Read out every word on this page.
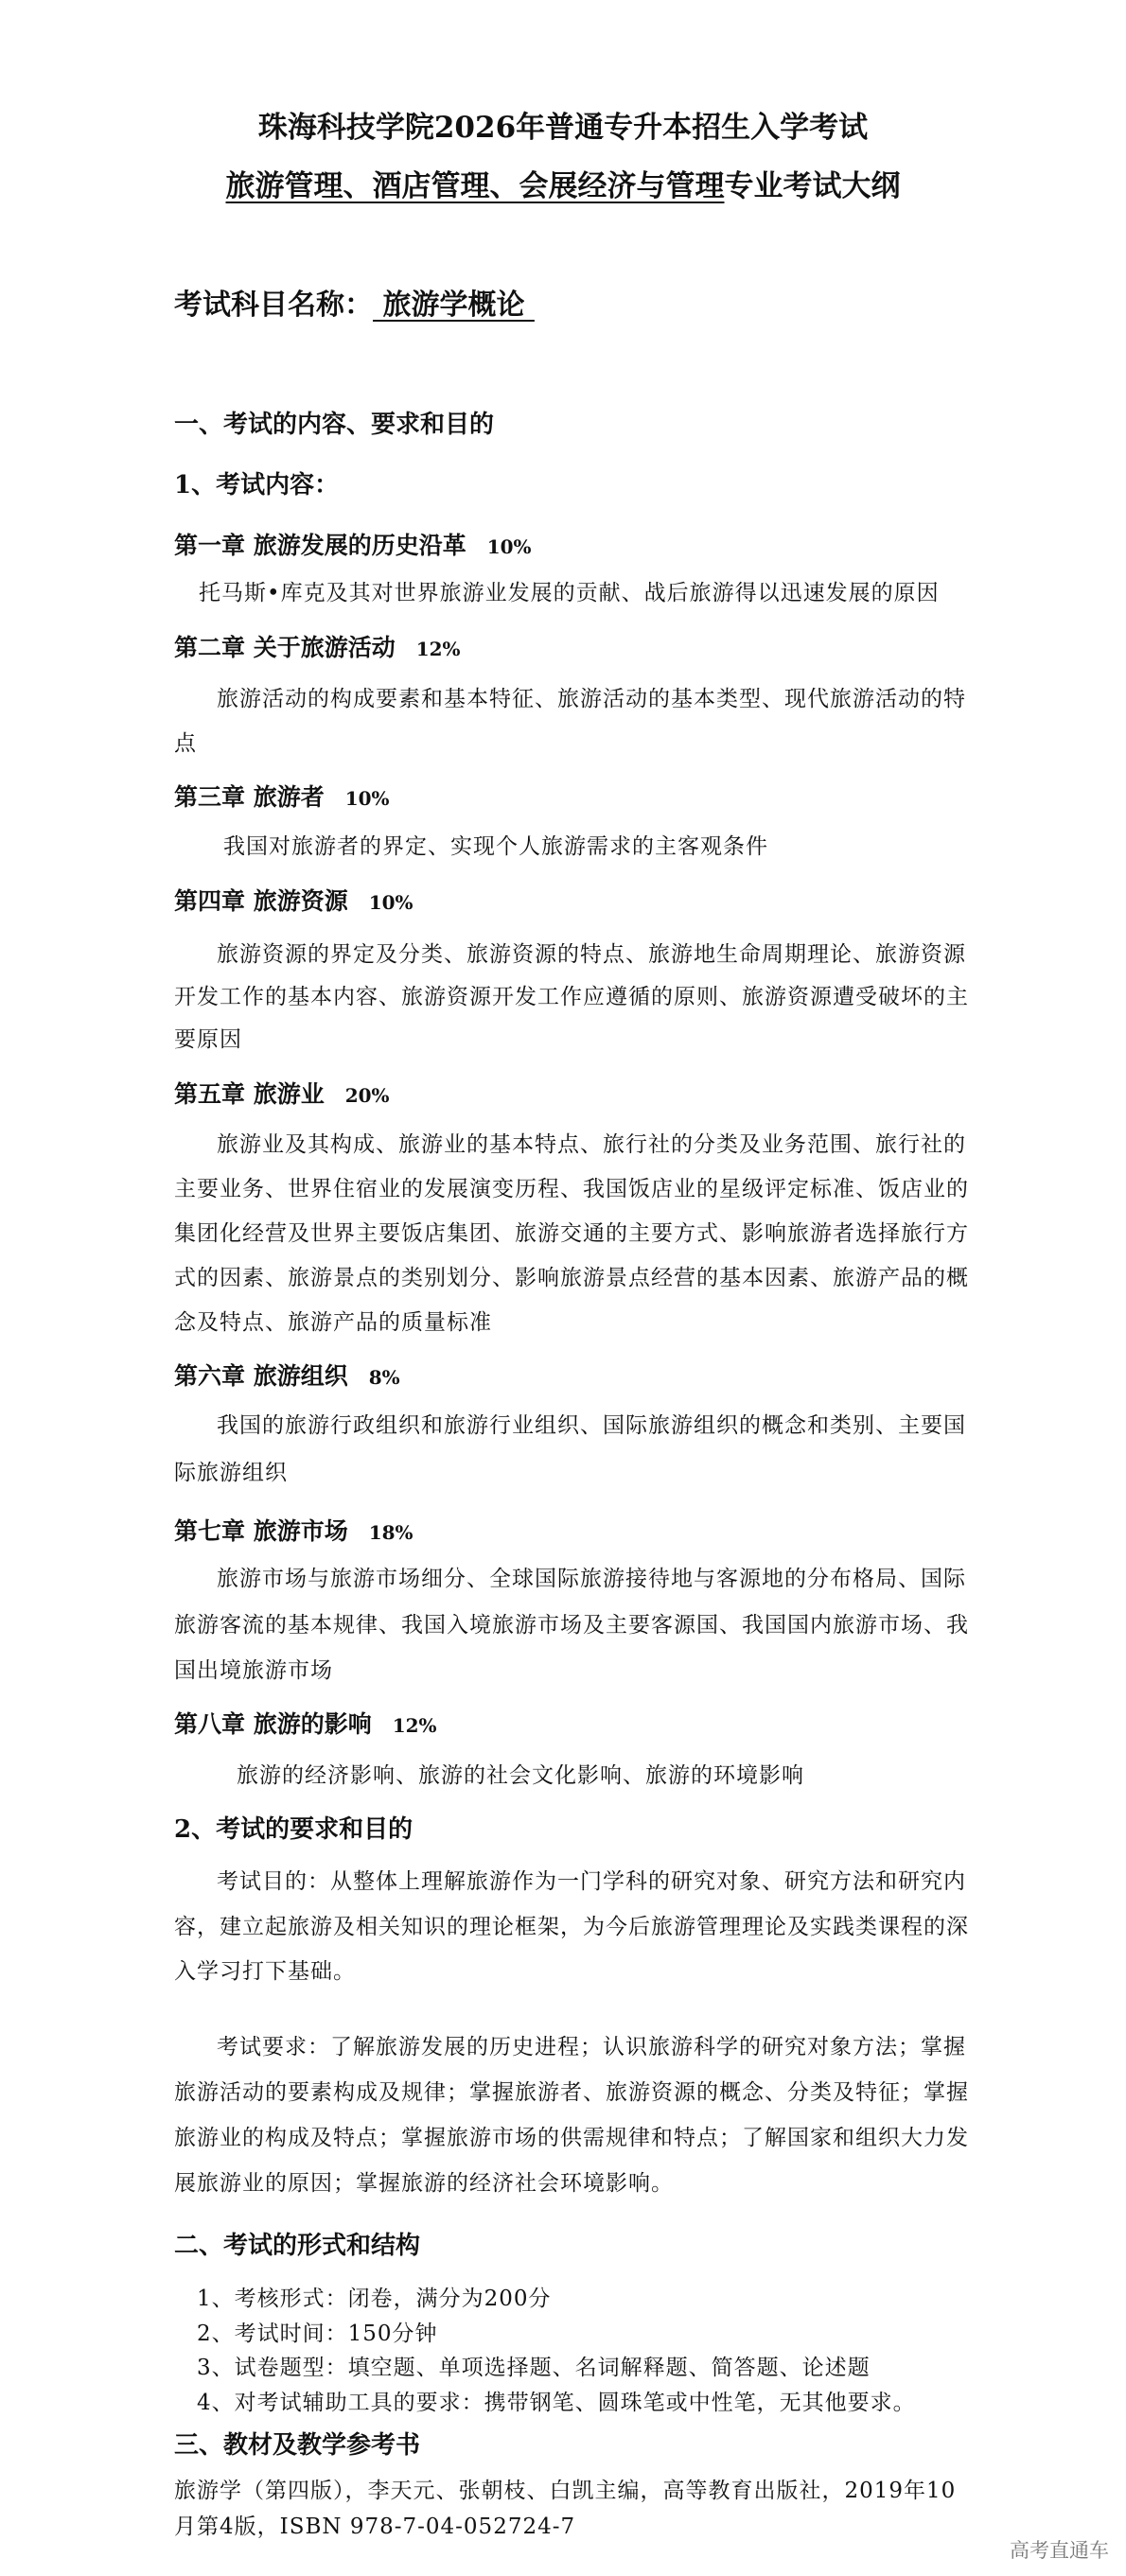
珠海科技学院2026年普通专升本招生入学考试
旅游管理、酒店管理、会展经济与管理专业考试大纲
考试科目名称： 旅游学概论
一、考试的内容、要求和目的
1、考试内容：
第一章 旅游发展的历史沿革 10%
托马斯•库克及其对世界旅游业发展的贡献、战后旅游得以迅速发展的原因
第二章 关于旅游活动 12%
旅游活动的构成要素和基本特征、旅游活动的基本类型、现代旅游活动的特
点
第三章 旅游者 10%
我国对旅游者的界定、实现个人旅游需求的主客观条件
第四章 旅游资源 10%
旅游资源的界定及分类、旅游资源的特点、旅游地生命周期理论、旅游资源
开发工作的基本内容、旅游资源开发工作应遵循的原则、旅游资源遭受破坏的主
要原因
第五章 旅游业 20%
旅游业及其构成、旅游业的基本特点、旅行社的分类及业务范围、旅行社的
主要业务、世界住宿业的发展演变历程、我国饭店业的星级评定标准、饭店业的
集团化经营及世界主要饭店集团、旅游交通的主要方式、影响旅游者选择旅行方
式的因素、旅游景点的类别划分、影响旅游景点经营的基本因素、旅游产品的概
念及特点、旅游产品的质量标准
第六章 旅游组织 8%
我国的旅游行政组织和旅游行业组织、国际旅游组织的概念和类别、主要国
际旅游组织
第七章 旅游市场 18%
旅游市场与旅游市场细分、全球国际旅游接待地与客源地的分布格局、国际
旅游客流的基本规律、我国入境旅游市场及主要客源国、我国国内旅游市场、我
国出境旅游市场
第八章 旅游的影响 12%
旅游的经济影响、旅游的社会文化影响、旅游的环境影响
2、考试的要求和目的
考试目的：从整体上理解旅游作为一门学科的研究对象、研究方法和研究内
容，建立起旅游及相关知识的理论框架，为今后旅游管理理论及实践类课程的深
入学习打下基础。
考试要求：了解旅游发展的历史进程；认识旅游科学的研究对象方法；掌握
旅游活动的要素构成及规律；掌握旅游者、旅游资源的概念、分类及特征；掌握
旅游业的构成及特点；掌握旅游市场的供需规律和特点；了解国家和组织大力发
展旅游业的原因；掌握旅游的经济社会环境影响。
二、考试的形式和结构
1、考核形式：闭卷，满分为200分
2、考试时间：150分钟
3、试卷题型：填空题、单项选择题、名词解释题、简答题、论述题
4、对考试辅助工具的要求：携带钢笔、圆珠笔或中性笔，无其他要求。
三、教材及教学参考书
旅游学（第四版），李天元、张朝枝、白凯主编，高等教育出版社，2019年10
月第4版，ISBN 978-7-04-052724-7
高考直通车
